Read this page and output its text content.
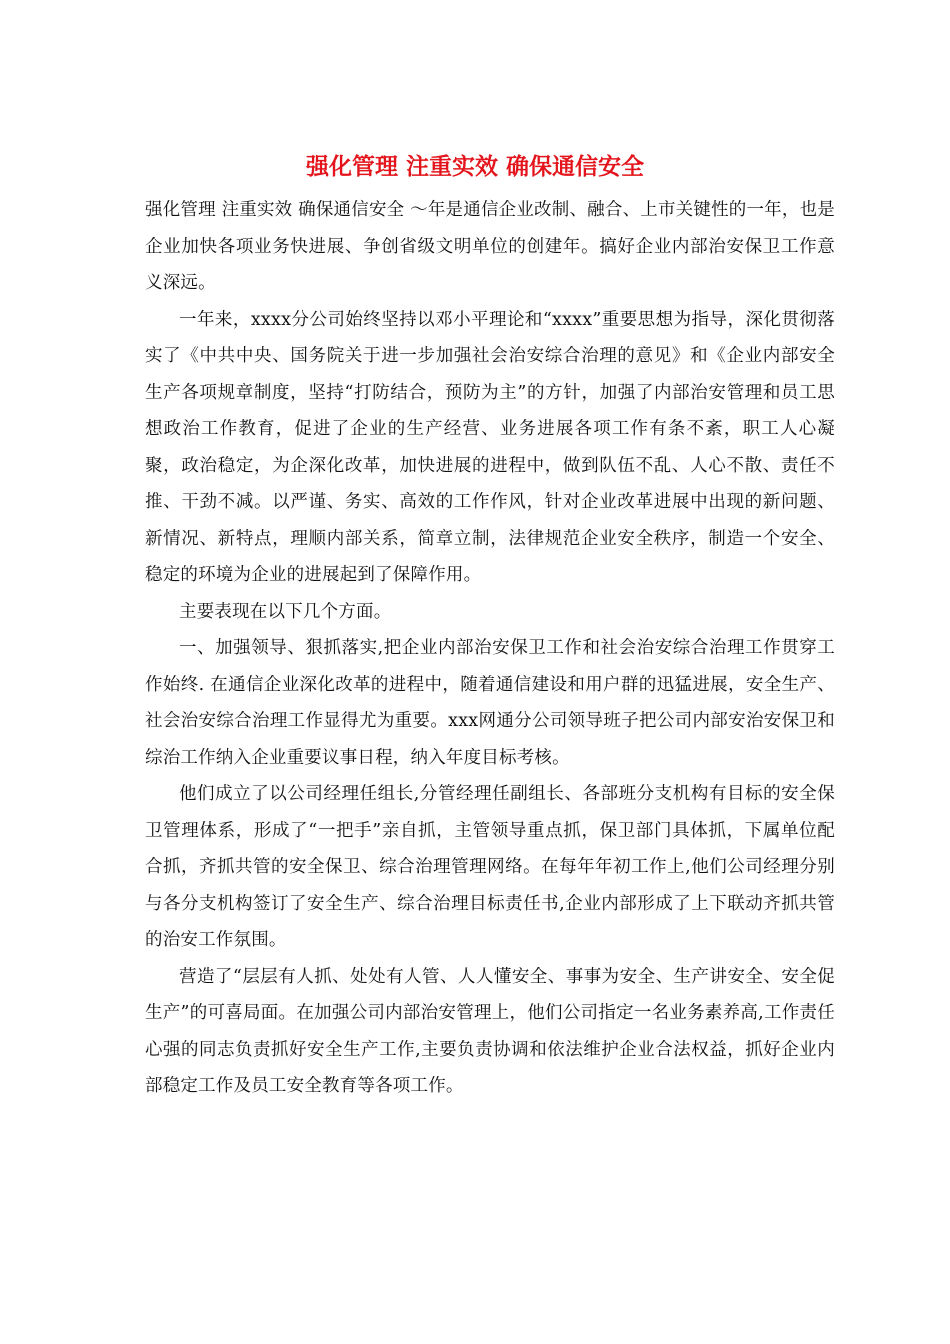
强化管理 注重实效 确保通信安全

强化管理 注重实效 确保通信安全 ～年是通信企业改制、融合、上市关键性的一年，也是企业加快各项业务快进展、争创省级文明单位的创建年。搞好企业内部治安保卫工作意义深远。

一年来，xxxx分公司始终坚持以邓小平理论和“xxxx”重要思想为指导，深化贯彻落实了《中共中央、国务院关于进一步加强社会治安综合治理的意见》和《企业内部安全生产各项规章制度，坚持“打防结合，预防为主”的方针，加强了内部治安管理和员工思想政治工作教育，促进了企业的生产经营、业务进展各项工作有条不紊，职工人心凝聚，政治稳定，为企深化改革，加快进展的进程中，做到队伍不乱、人心不散、责任不推、干劲不减。以严谨、务实、高效的工作作风，针对企业改革进展中出现的新问题、新情况、新特点，理顺内部关系，简章立制，法律规范企业安全秩序，制造一个安全、稳定的环境为企业的进展起到了保障作用。

主要表现在以下几个方面。

一、加强领导、狠抓落实,把企业内部治安保卫工作和社会治安综合治理工作贯穿工作始终. 在通信企业深化改革的进程中，随着通信建设和用户群的迅猛进展，安全生产、社会治安综合治理工作显得尤为重要。xxx网通分公司领导班子把公司内部安治安保卫和综治工作纳入企业重要议事日程，纳入年度目标考核。

他们成立了以公司经理任组长,分管经理任副组长、各部班分支机构有目标的安全保卫管理体系，形成了“一把手”亲自抓，主管领导重点抓，保卫部门具体抓，下属单位配合抓，齐抓共管的安全保卫、综合治理管理网络。在每年年初工作上,他们公司经理分别与各分支机构签订了安全生产、综合治理目标责任书,企业内部形成了上下联动齐抓共管的治安工作氛围。

营造了“层层有人抓、处处有人管、人人懂安全、事事为安全、生产讲安全、安全促生产”的可喜局面。在加强公司内部治安管理上，他们公司指定一名业务素养高,工作责任心强的同志负责抓好安全生产工作,主要负责协调和依法维护企业合法权益，抓好企业内部稳定工作及员工安全教育等各项工作。
